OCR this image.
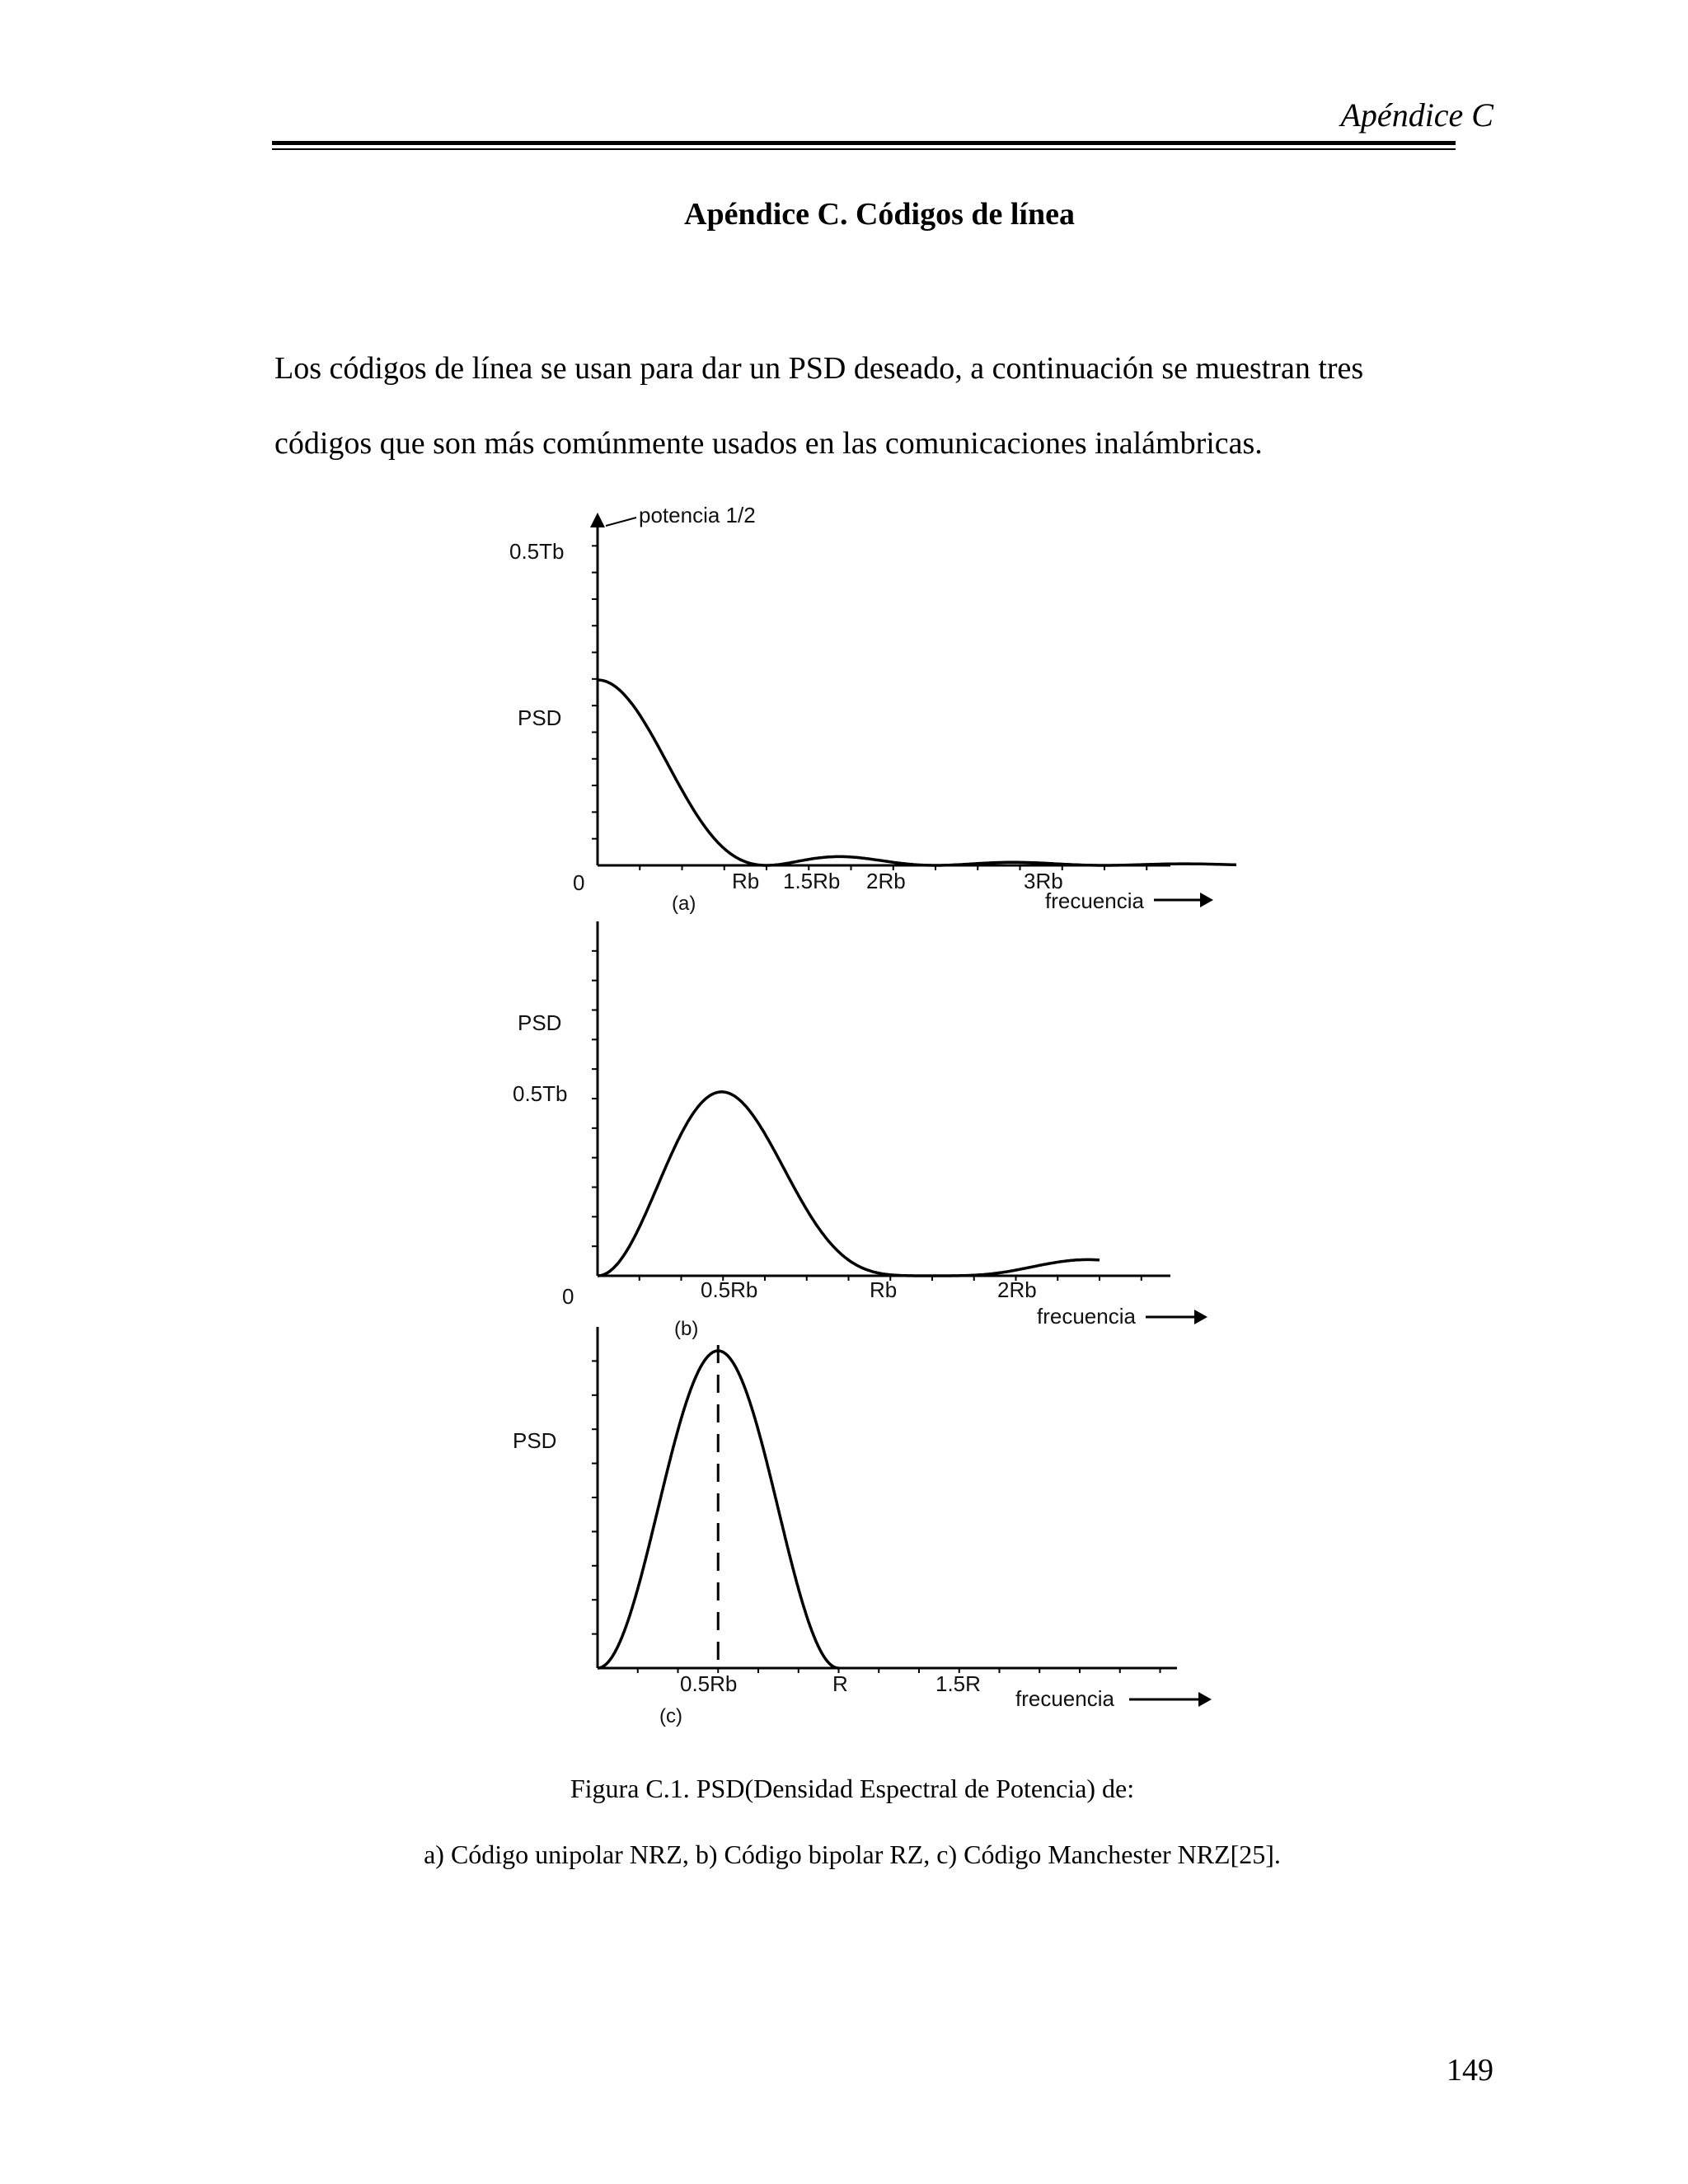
Apéndice C
Apéndice C. Códigos de línea

Los códigos de línea se usan para dar un PSD deseado, a continuación se muestran tres

códigos que son más comúnmente usados en las comunicaciones inalámbricas.

potencia 1/2
0.5Tb
PSD
0
(a)	frecuencia
Rb 1.5Rb 2Rb	3Rb
PSD
0.5Tb
0
(b)
frecuencia
0.5Rb	Rb	2Rb
PSD
(c)
frecuencia
0.5Rb	R	1.5R

Figura C.1. PSD(Densidad Espectral de Potencia) de:

a) Código unipolar NRZ, b) Código bipolar RZ, c) Código Manchester NRZ[25].

149
